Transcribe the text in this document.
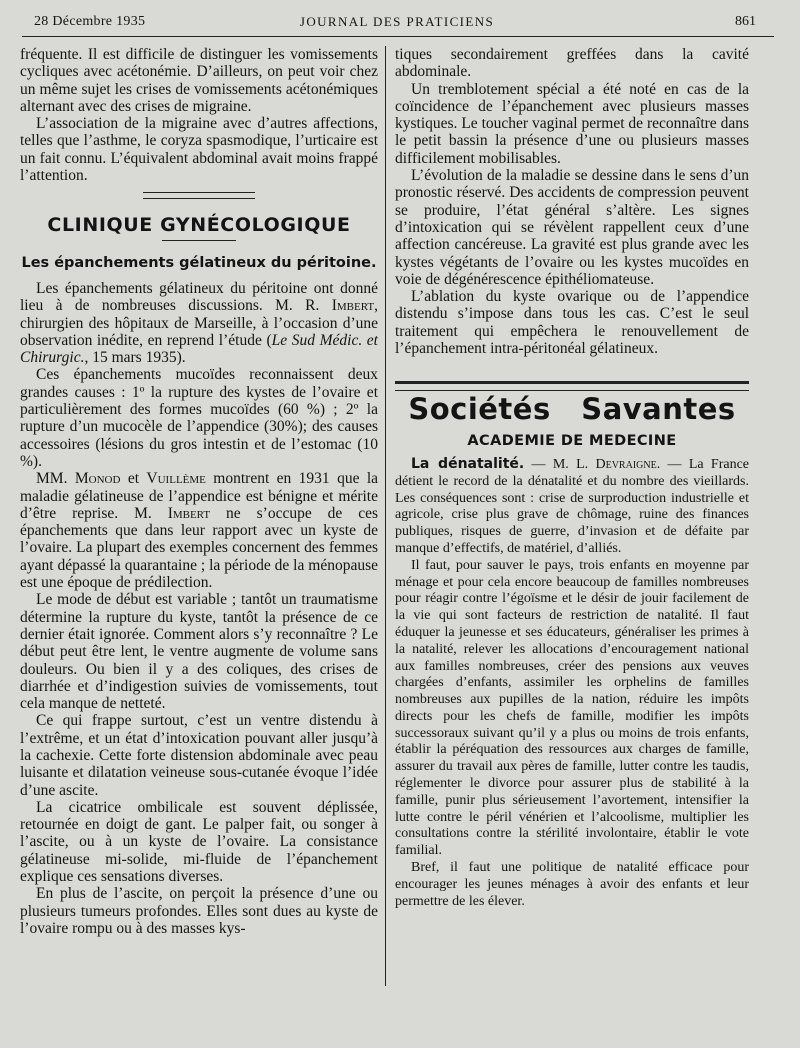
28 Décembre 1935	JOURNAL DES PRATICIENS	861

fréquente. Il est difficile de distinguer les vomissements cycliques avec acétonémie. D’ailleurs, on peut voir chez un même sujet les crises de vomissements acétonémiques alternant avec des crises de migraine.

L’association de la migraine avec d’autres affections, telles que l’asthme, le coryza spasmodique, l’urticaire est un fait connu. L’équivalent abdominal avait moins frappé l’attention.

CLINIQUE GYNÉCOLOGIQUE
Les épanchements gélatineux du péritoine.

Les épanchements gélatineux du péritoine ont donné lieu à de nombreuses discussions. M. R. Imbert, chirurgien des hôpitaux de Marseille, à l’occasion d’une observation inédite, en reprend l’étude (Le Sud Médic. et Chirurgic., 15 mars 1935).

Ces épanchements mucoïdes reconnaissent deux grandes causes : 1º la rupture des kystes de l’ovaire et particulièrement des formes mucoïdes (60 %) ; 2º la rupture d’un mucocèle de l’appendice (30%); des causes accessoires (lésions du gros intestin et de l’estomac (10 %).

MM. Monod et Vuillème montrent en 1931 que la maladie gélatineuse de l’appendice est bénigne et mérite d’être reprise. M. Imbert ne s’occupe de ces épanchements que dans leur rapport avec un kyste de l’ovaire. La plupart des exemples concernent des femmes ayant dépassé la quarantaine ; la période de la ménopause est une époque de prédilection.

Le mode de début est variable ; tantôt un traumatisme détermine la rupture du kyste, tantôt la présence de ce dernier était ignorée. Comment alors s’y reconnaître ? Le début peut être lent, le ventre augmente de volume sans douleurs. Ou bien il y a des coliques, des crises de diarrhée et d’indigestion suivies de vomissements, tout cela manque de netteté.

Ce qui frappe surtout, c’est un ventre distendu à l’extrême, et un état d’intoxication pouvant aller jusqu’à la cachexie. Cette forte distension abdominale avec peau luisante et dilatation veineuse sous-cutanée évoque l’idée d’une ascite.

La cicatrice ombilicale est souvent déplissée, retournée en doigt de gant. Le palper fait, ou songer à l’ascite, ou à un kyste de l’ovaire. La consistance gélatineuse mi-solide, mi-fluide de l’épanchement explique ces sensations diverses.

En plus de l’ascite, on perçoit la présence d’une ou plusieurs tumeurs profondes. Elles sont dues au kyste de l’ovaire rompu ou à des masses kys-

tiques secondairement greffées dans la cavité abdominale.

Un tremblotement spécial a été noté en cas de la coïncidence de l’épanchement avec plusieurs masses kystiques. Le toucher vaginal permet de reconnaître dans le petit bassin la présence d’une ou plusieurs masses difficilement mobilisables.

L’évolution de la maladie se dessine dans le sens d’un pronostic réservé. Des accidents de compression peuvent se produire, l’état général s’altère. Les signes d’intoxication qui se révèlent rappellent ceux d’une affection cancéreuse. La gravité est plus grande avec les kystes végétants de l’ovaire ou les kystes mucoïdes en voie de dégénérescence épithéliomateuse.

L’ablation du kyste ovarique ou de l’appendice distendu s’impose dans tous les cas. C’est le seul traitement qui empêchera le renouvellement de l’épanchement intra-péritonéal gélatineux.

Sociétés Savantes
ACADEMIE DE MEDECINE

La dénatalité. — M. L. Devraigne. — La France détient le record de la dénatalité et du nombre des vieillards. Les conséquences sont : crise de surproduction industrielle et agricole, crise plus grave de chômage, ruine des finances publiques, risques de guerre, d’invasion et de défaite par manque d’effectifs, de matériel, d’alliés.

Il faut, pour sauver le pays, trois enfants en moyenne par ménage et pour cela encore beaucoup de familles nombreuses pour réagir contre l’égoïsme et le désir de jouir facilement de la vie qui sont facteurs de restriction de natalité. Il faut éduquer la jeunesse et ses éducateurs, généraliser les primes à la natalité, relever les allocations d’encouragement national aux familles nombreuses, créer des pensions aux veuves chargées d’enfants, assimiler les orphelins de familles nombreuses aux pupilles de la nation, réduire les impôts directs pour les chefs de famille, modifier les impôts successoraux suivant qu’il y a plus ou moins de trois enfants, établir la péréquation des ressources aux charges de famille, assurer du travail aux pères de famille, lutter contre les taudis, réglementer le divorce pour assurer plus de stabilité à la famille, punir plus sérieusement l’avortement, intensifier la lutte contre le péril vénérien et l’alcoolisme, multiplier les consultations contre la stérilité involontaire, établir le vote familial.

Bref, il faut une politique de natalité efficace pour encourager les jeunes ménages à avoir des enfants et leur permettre de les élever.
